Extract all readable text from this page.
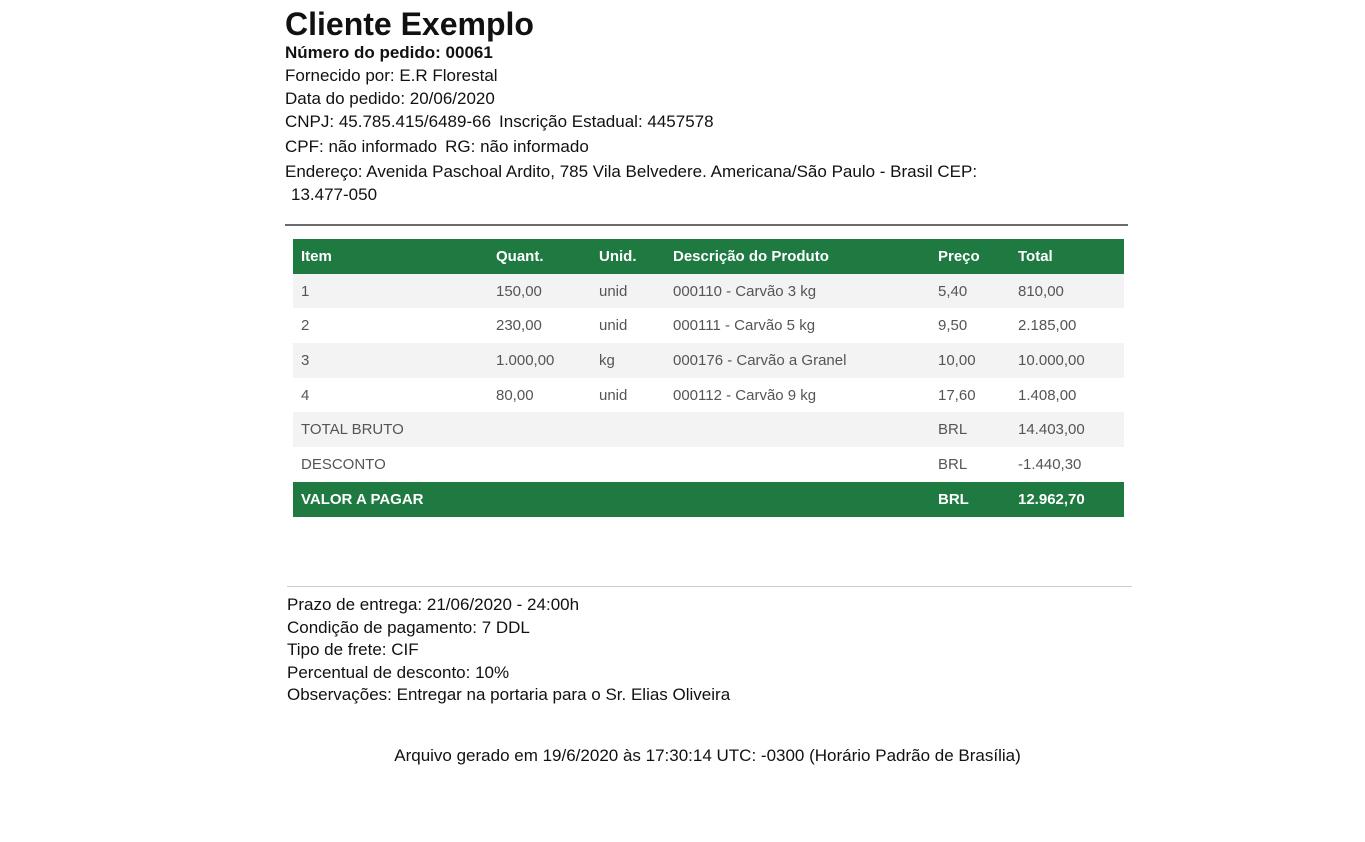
Cliente Exemplo
Número do pedido: 00061
Fornecido por: E.R Florestal
Data do pedido: 20/06/2020
CNPJ: 45.785.415/6489-66 Inscrição Estadual: 4457578
CPF: não informado RG: não informado
Endereço: Avenida Paschoal Ardito, 785 Vila Belvedere. Americana/São Paulo - Brasil CEP:
13.477-050
Item	Quant.	Unid.	Descrição do Produto	Preço	Total
1	150,00	unid	000110 - Carvão 3 kg	5,40	810,00
2	230,00	unid	000111 - Carvão 5 kg	9,50	2.185,00
3	1.000,00	kg	000176 - Carvão a Granel	10,00	10.000,00
4	80,00	unid	000112 - Carvão 9 kg	17,60	1.408,00
TOTAL BRUTO				BRL	14.403,00
DESCONTO				BRL	-1.440,30
VALOR A PAGAR				BRL	12.962,70
Prazo de entrega: 21/06/2020 - 24:00h
Condição de pagamento: 7 DDL
Tipo de frete: CIF
Percentual de desconto: 10%
Observações: Entregar na portaria para o Sr. Elias Oliveira
Arquivo gerado em 19/6/2020 às 17:30:14 UTC: -0300 (Horário Padrão de Brasília)
